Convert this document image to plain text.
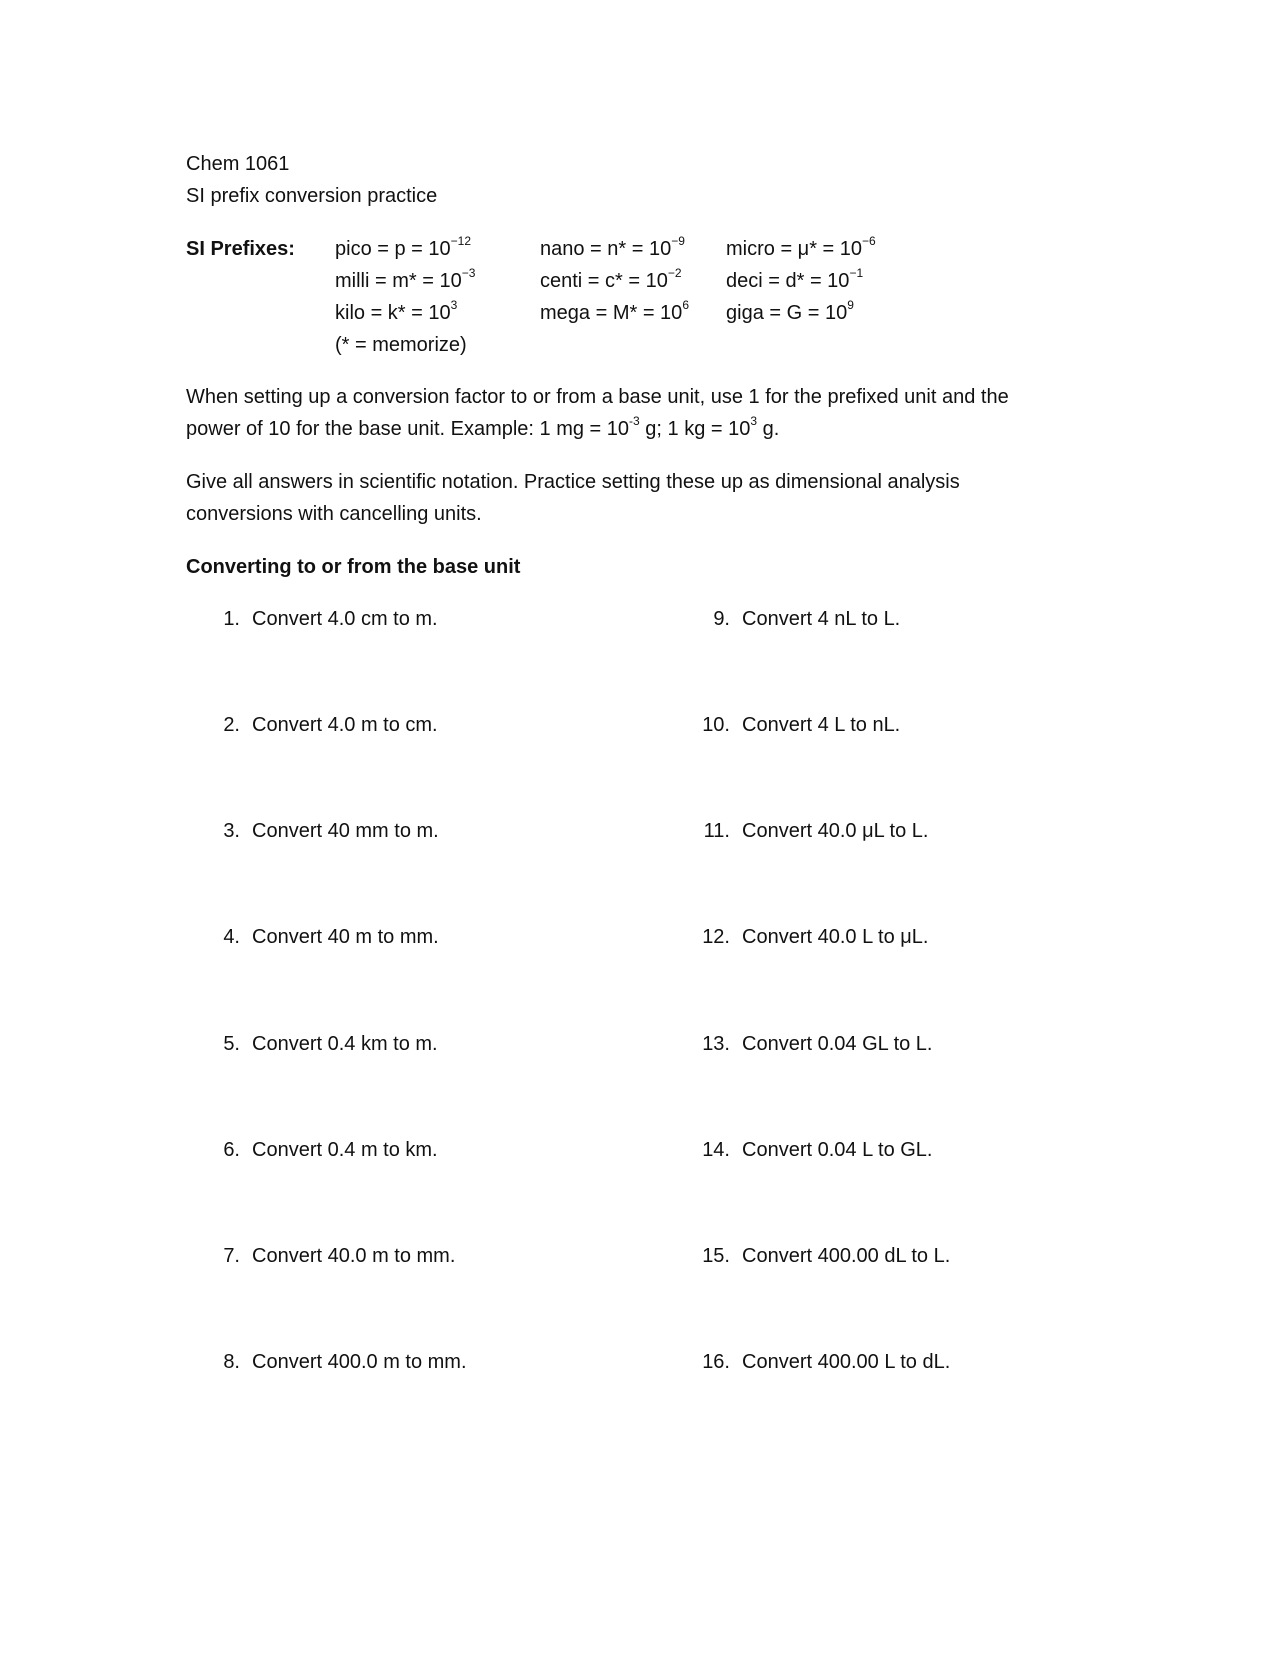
Chem 1061
SI prefix conversion practice
SI Prefixes: pico = $p = 10^{-12}$	nano = $n* = 10^{-9}$ micro = $\mu* = 10^{-6}$
milli = $m* = 10^{-3}$	centi = $c* = 10^{-2}$ deci = $d* = 10^{-1}$
kilo = $k* = 10^3$	mega = $M* = 10^6$ giga = $G = 10^9$
(* = memorize)
When setting up a conversion factor to or from a base unit, use 1 for the prefixed unit and the
power of 10 for the base unit. Example: 1 mg = $10^{-3}$ g; 1 kg = $10^3$ g.
Give all answers in scientific notation. Practice setting these up as dimensional analysis
conversions with cancelling units.
Converting to or from the base unit
1. Convert 4.0 cm to m.
2. Convert 4.0 m to cm.
3. Convert 40 mm to m.
4. Convert 40 m to mm.
5. Convert 0.4 km to m.
6. Convert 0.4 m to km.
7. Convert 40.0 m to mm.
8. Convert 400.0 m to mm.
9. Convert 4 nL to L.
10. Convert 4 L to nL.
11. Convert 40.0 μL to L.
12. Convert 40.0 L to μL.
13. Convert 0.04 GL to L.
14. Convert 0.04 L to GL.
15. Convert 400.00 dL to L.
16. Convert 400.00 L to dL.
